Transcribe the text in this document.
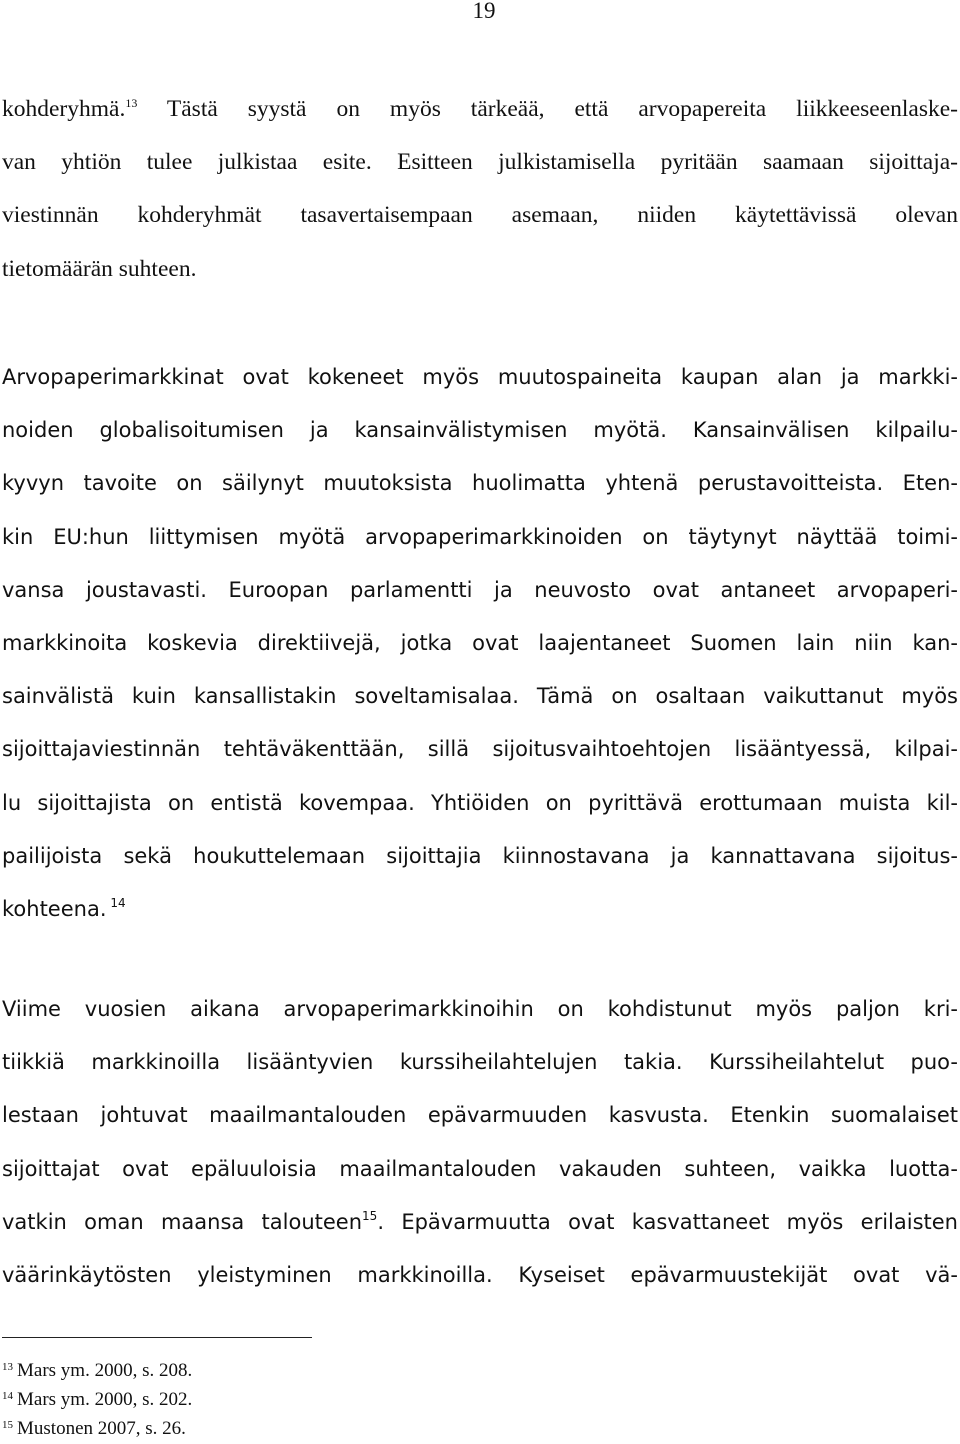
19
kohderyhmä.$^{13}$ Tästä syystä on myös tärkeää, että arvopapereita liikkeeseenlaske-
van yhtiön tulee julkistaa esite. Esitteen julkistamisella pyritään saamaan sijoittaja-
viestinnän kohderyhmät tasavertaisempaan asemaan, niiden käytettävissä olevan
tietomäärän suhteen.
Arvopaperimarkkinat ovat kokeneet myös muutospaineita kaupan alan ja markki-
noiden globalisoitumisen ja kansainvälistymisen myötä. Kansainvälisen kilpailu-
kyvyn tavoite on säilynyt muutoksista huolimatta yhtenä perustavoitteista. Eten-
kin EU:hun liittymisen myötä arvopaperimarkkinoiden on täytynyt näyttää toimi-
vansa joustavasti. Euroopan parlamentti ja neuvosto ovat antaneet arvopaperi-
markkinoita koskevia direktiivejä, jotka ovat laajentaneet Suomen lain niin kan-
sainvälistä kuin kansallistakin soveltamisalaa. Tämä on osaltaan vaikuttanut myös
sijoittajaviestinnän tehtäväkenttään, sillä sijoitusvaihtoehtojen lisääntyessä, kilpai-
lu sijoittajista on entistä kovempaa. Yhtiöiden on pyrittävä erottumaan muista kil-
pailijoista sekä houkuttelemaan sijoittajia kiinnostavana ja kannattavana sijoitus-
kohteena. $^{14}$
Viime vuosien aikana arvopaperimarkkinoihin on kohdistunut myös paljon kri-
tiikkiä markkinoilla lisääntyvien kurssiheilahtelujen takia. Kurssiheilahtelut puo-
lestaan johtuvat maailmantalouden epävarmuuden kasvusta. Etenkin suomalaiset
sijoittajat ovat epäluuloisia maailmantalouden vakauden suhteen, vaikka luotta-
vatkin oman maansa talouteen$^{15}$. Epävarmuutta ovat kasvattaneet myös erilaisten
väärinkäytösten yleistyminen markkinoilla. Kyseiset epävarmuustekijät ovat vä-
$^{13}$ Mars ym. 2000, s. 208.
$^{14}$ Mars ym. 2000, s. 202.
$^{15}$ Mustonen 2007, s. 26.
